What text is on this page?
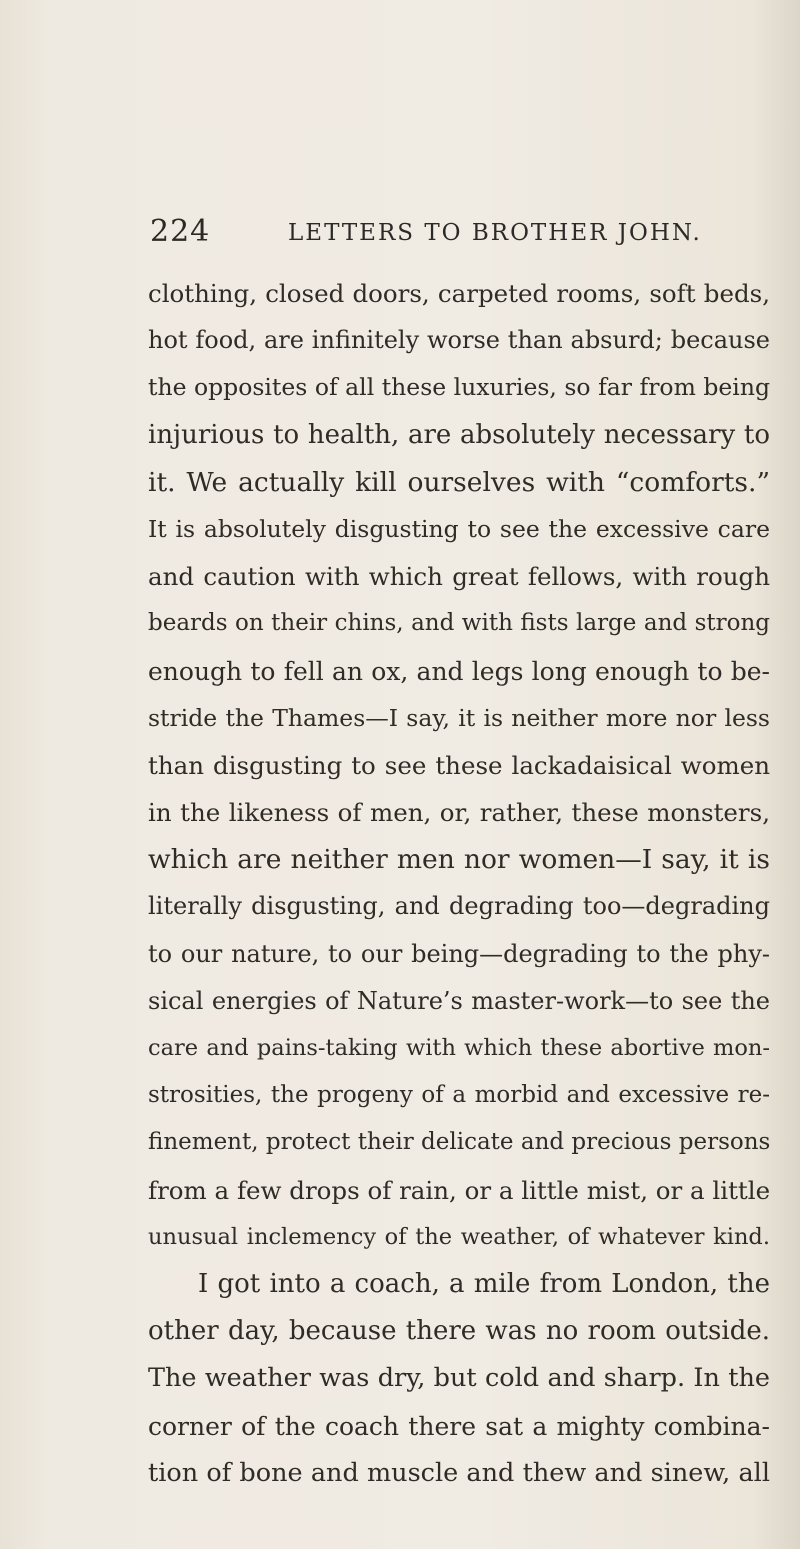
224	LETTERS TO BROTHER JOHN.
clothing, closed doors, carpeted rooms, soft beds,
hot food, are infinitely worse than absurd; because
the opposites of all these luxuries, so far from being
injurious to health, are absolutely necessary to
it. We actually kill ourselves with “comforts.”
It is absolutely disgusting to see the excessive care
and caution with which great fellows, with rough
beards on their chins, and with fists large and strong
enough to fell an ox, and legs long enough to be-
stride the Thames—I say, it is neither more nor less
than disgusting to see these lackadaisical women
in the likeness of men, or, rather, these monsters,
which are neither men nor women—I say, it is
literally disgusting, and degrading too—degrading
to our nature, to our being—degrading to the phy-
sical energies of Nature’s master-work—to see the
care and pains-taking with which these abortive mon-
strosities, the progeny of a morbid and excessive re-
finement, protect their delicate and precious persons
from a few drops of rain, or a little mist, or a little
unusual inclemency of the weather, of whatever kind.
I got into a coach, a mile from London, the
other day, because there was no room outside.
The weather was dry, but cold and sharp. In the
corner of the coach there sat a mighty combina-
tion of bone and muscle and thew and sinew, all
